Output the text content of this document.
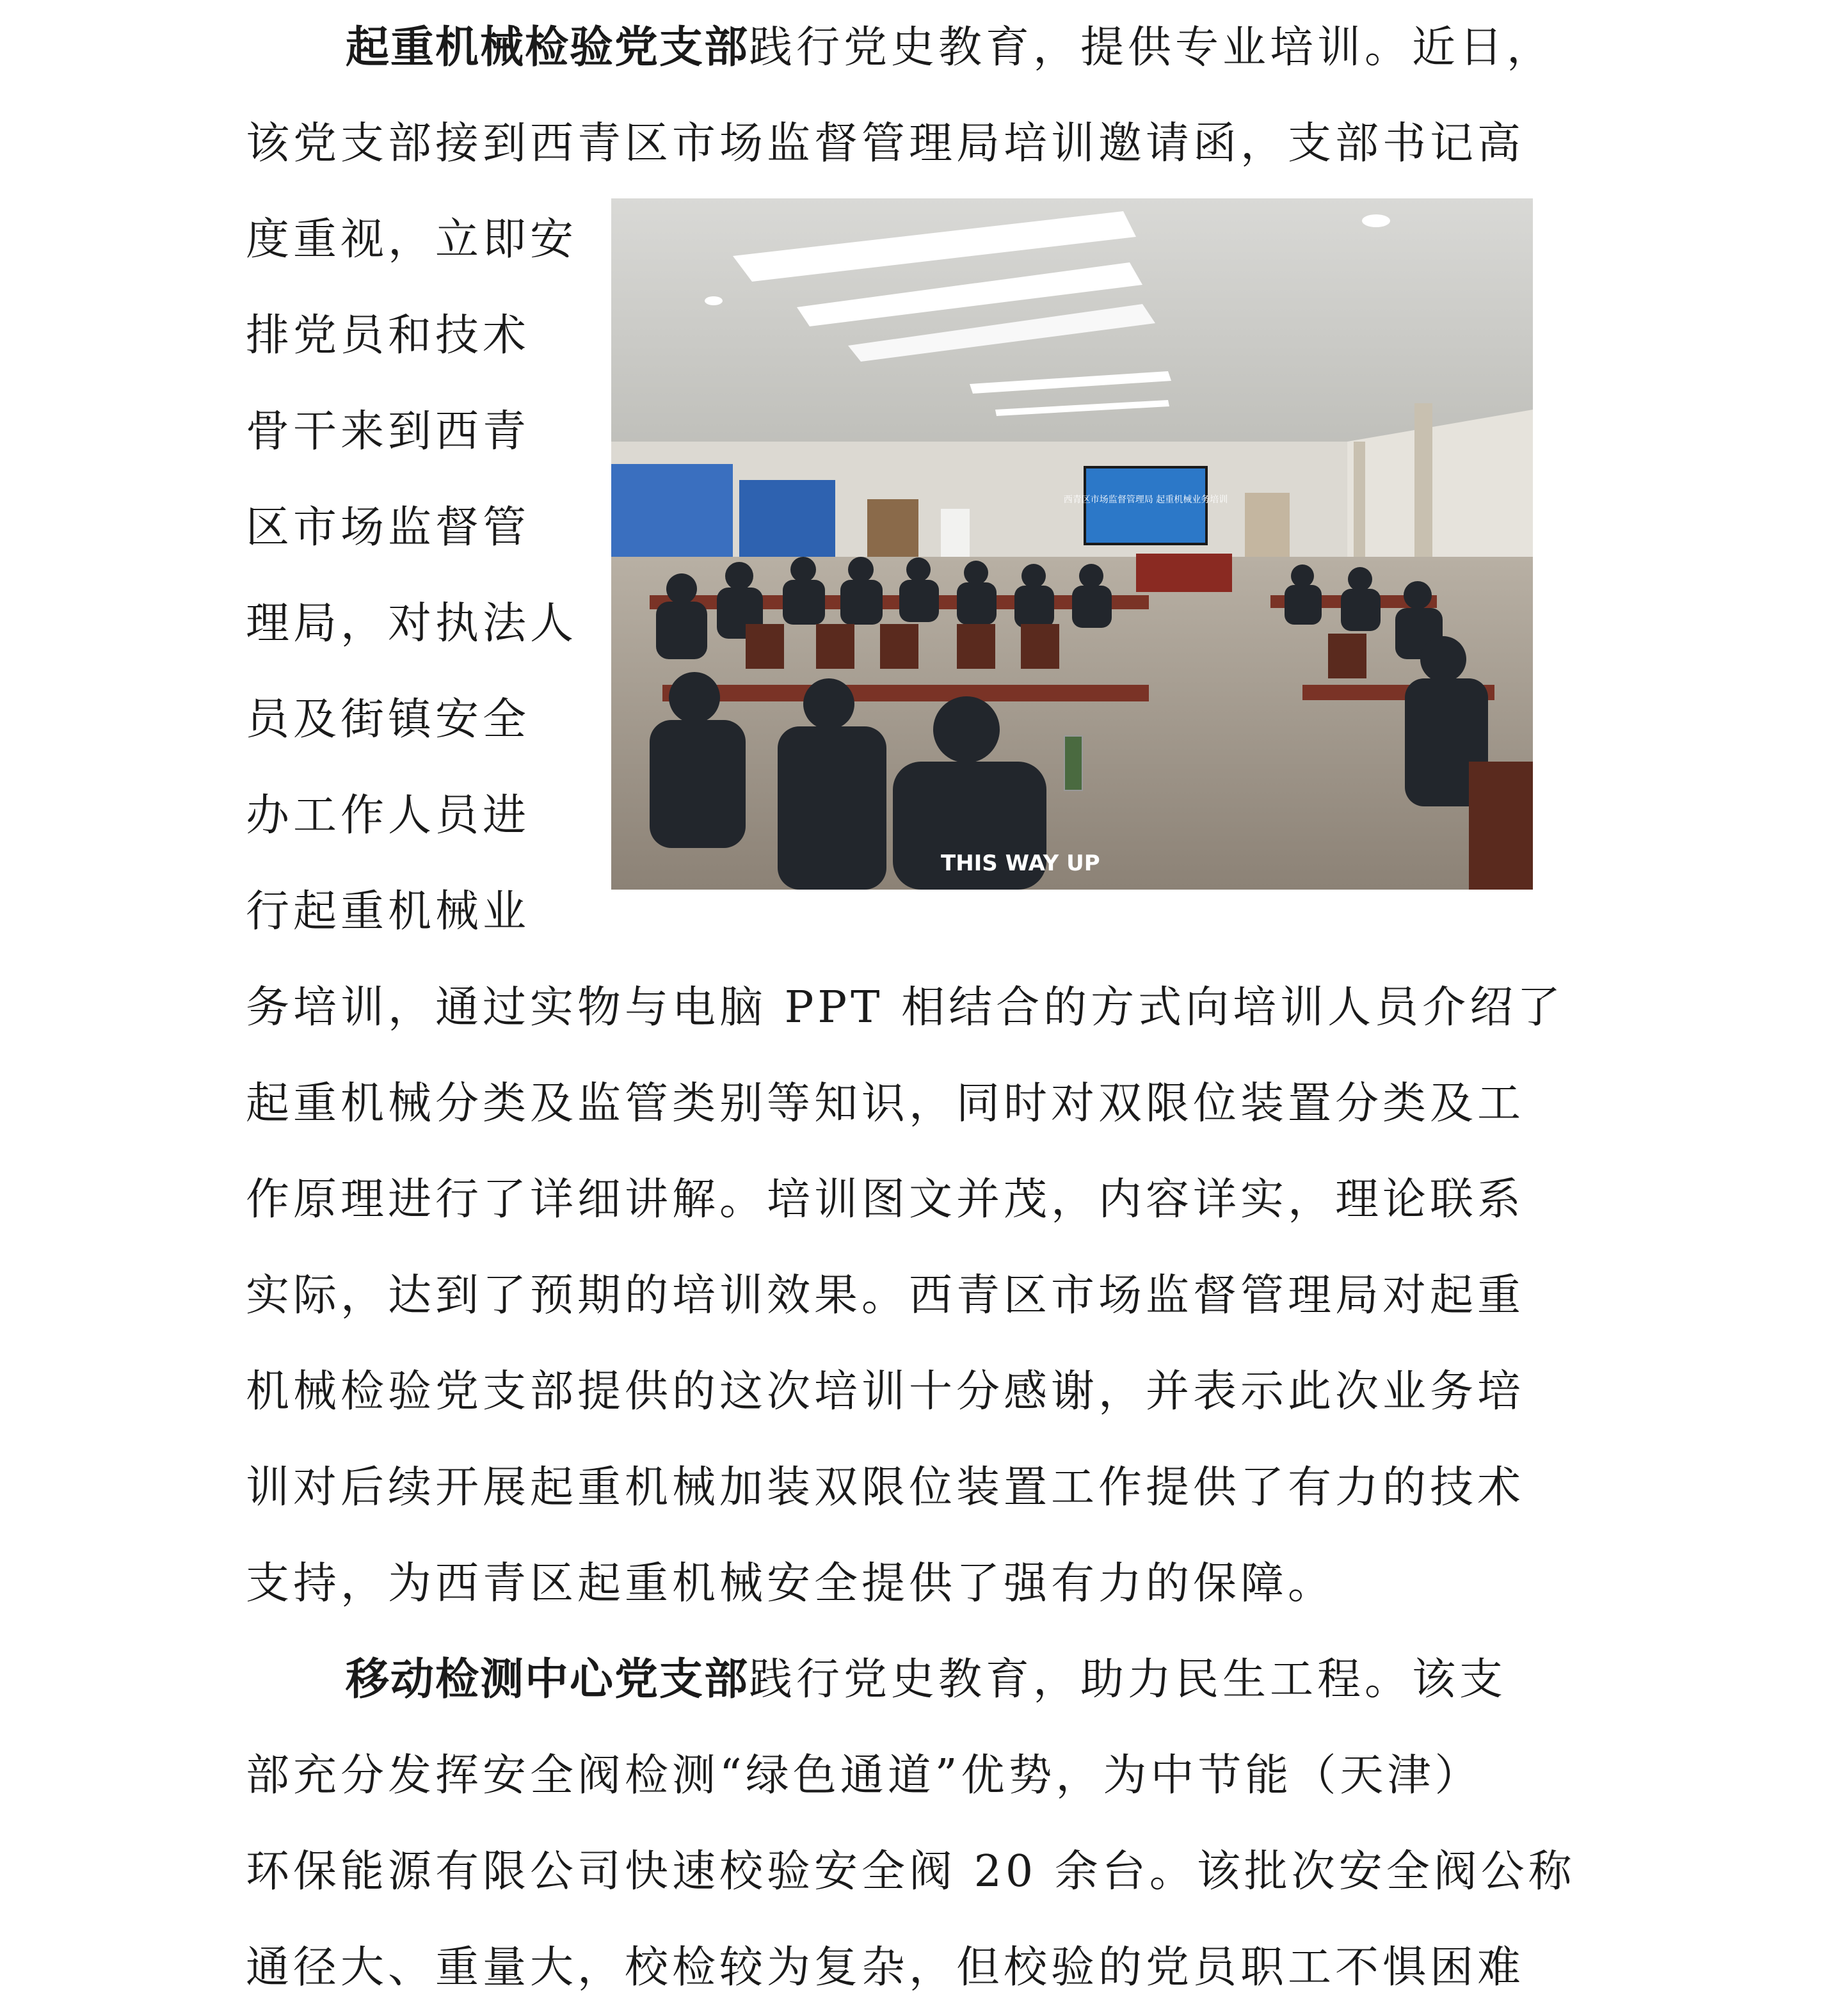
起重机械检验党支部践行党史教育，提供专业培训。近日，
该党支部接到西青区市场监督管理局培训邀请函，支部书记高
度重视，立即安
排党员和技术
骨干来到西青
区市场监督管
理局，对执法人
员及街镇安全
办工作人员进
行起重机械业
务培训，通过实物与电脑 PPT 相结合的方式向培训人员介绍了
起重机械分类及监管类别等知识，同时对双限位装置分类及工
作原理进行了详细讲解。培训图文并茂，内容详实，理论联系
实际，达到了预期的培训效果。西青区市场监督管理局对起重
机械检验党支部提供的这次培训十分感谢，并表示此次业务培
训对后续开展起重机械加装双限位装置工作提供了有力的技术
支持，为西青区起重机械安全提供了强有力的保障。
移动检测中心党支部践行党史教育，助力民生工程。该支
部充分发挥安全阀检测“绿色通道”优势，为中节能（天津）
环保能源有限公司快速校验安全阀 20 余台。该批次安全阀公称
通径大、重量大，校检较为复杂，但校验的党员职工不惧困难
西青区市场监督管理局 起重机械业务培训
THIS WAY UP
